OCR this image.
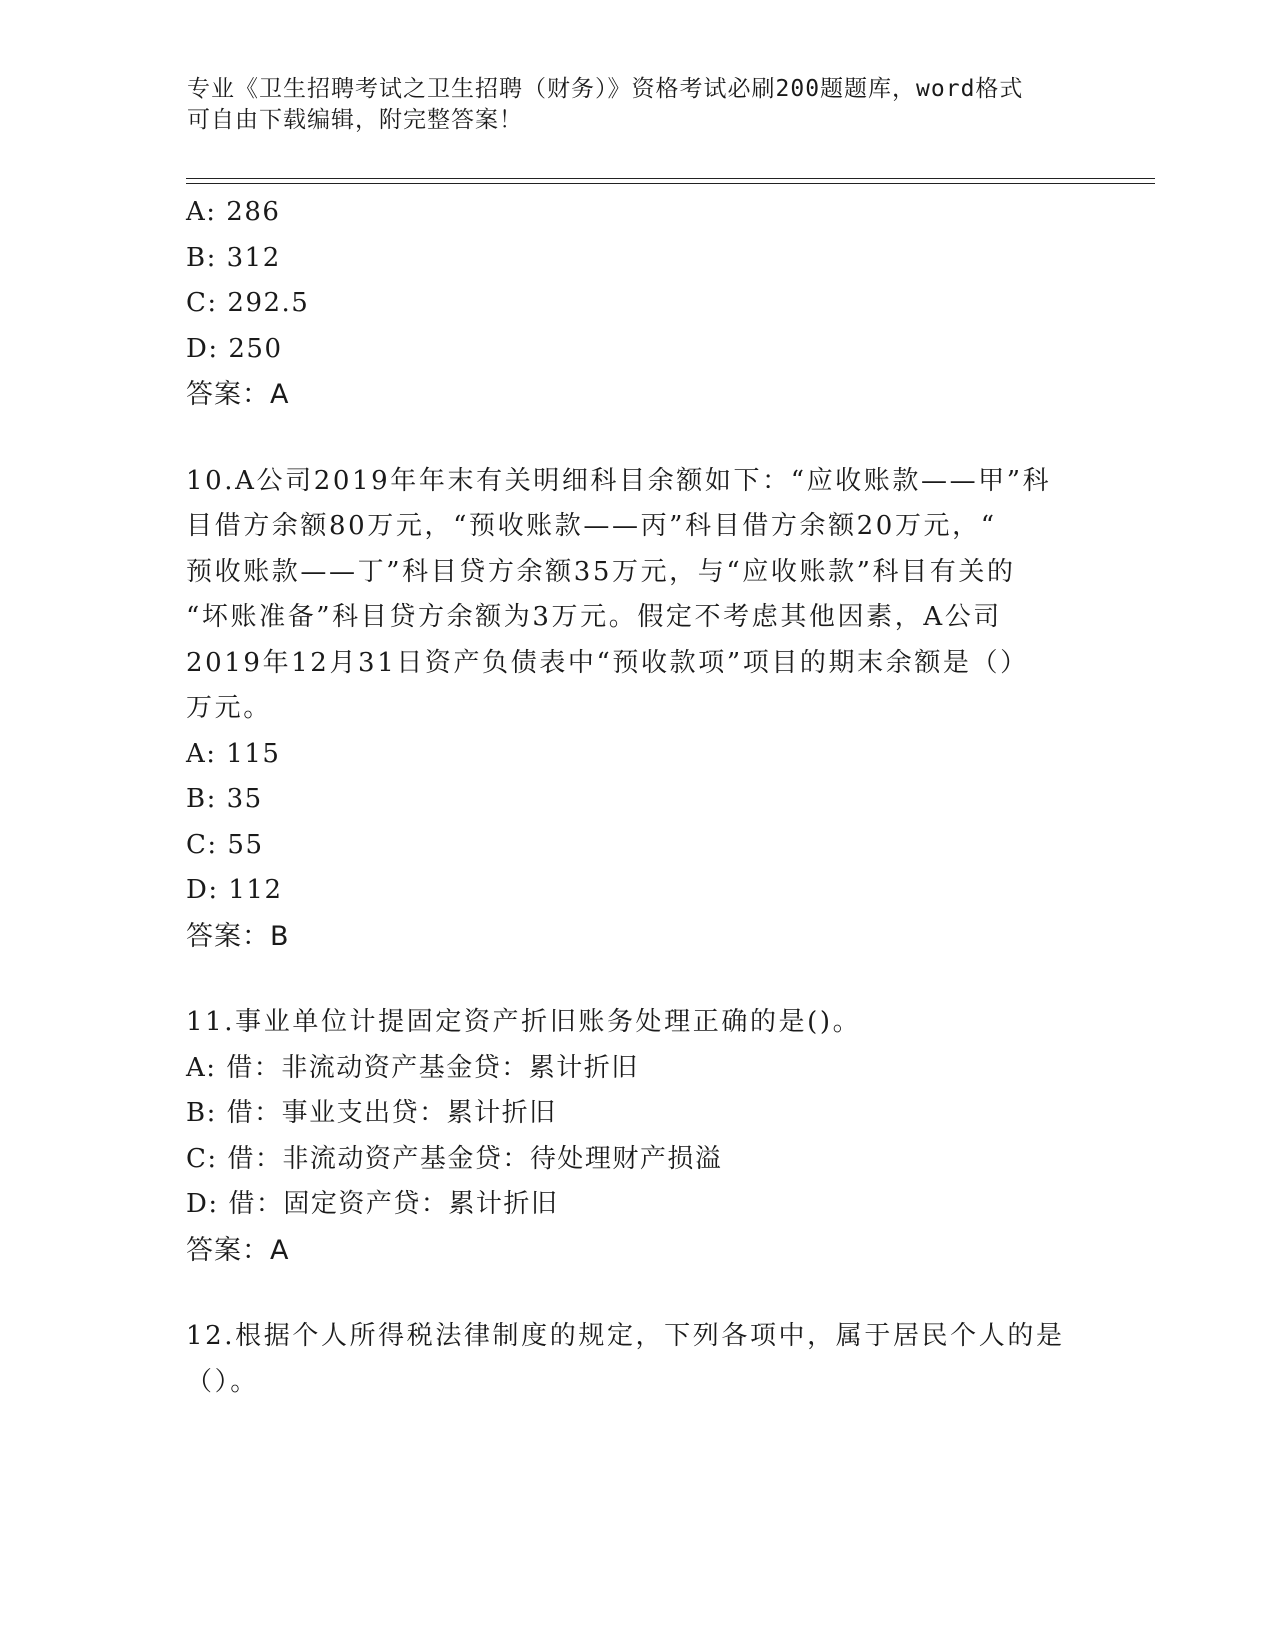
专业《卫生招聘考试之卫生招聘（财务）》资格考试必刷200题题库，word格式
可自由下载编辑，附完整答案！
A: 286
B: 312
C: 292.5
D: 250
答案：A
10.A公司2019年年末有关明细科目余额如下：“应收账款——甲”科
目借方余额80万元，“预收账款——丙”科目借方余额20万元，“
预收账款——丁”科目贷方余额35万元，与“应收账款”科目有关的
“坏账准备”科目贷方余额为3万元。假定不考虑其他因素，A公司
2019年12月31日资产负债表中“预收款项”项目的期末余额是（）
万元。
A: 115
B: 35
C: 55
D: 112
答案：B
11.事业单位计提固定资产折旧账务处理正确的是()。
A: 借：非流动资产基金贷：累计折旧
B: 借：事业支出贷：累计折旧
C: 借：非流动资产基金贷：待处理财产损溢
D: 借：固定资产贷：累计折旧
答案：A
12.根据个人所得税法律制度的规定，下列各项中，属于居民个人的是
（）。
